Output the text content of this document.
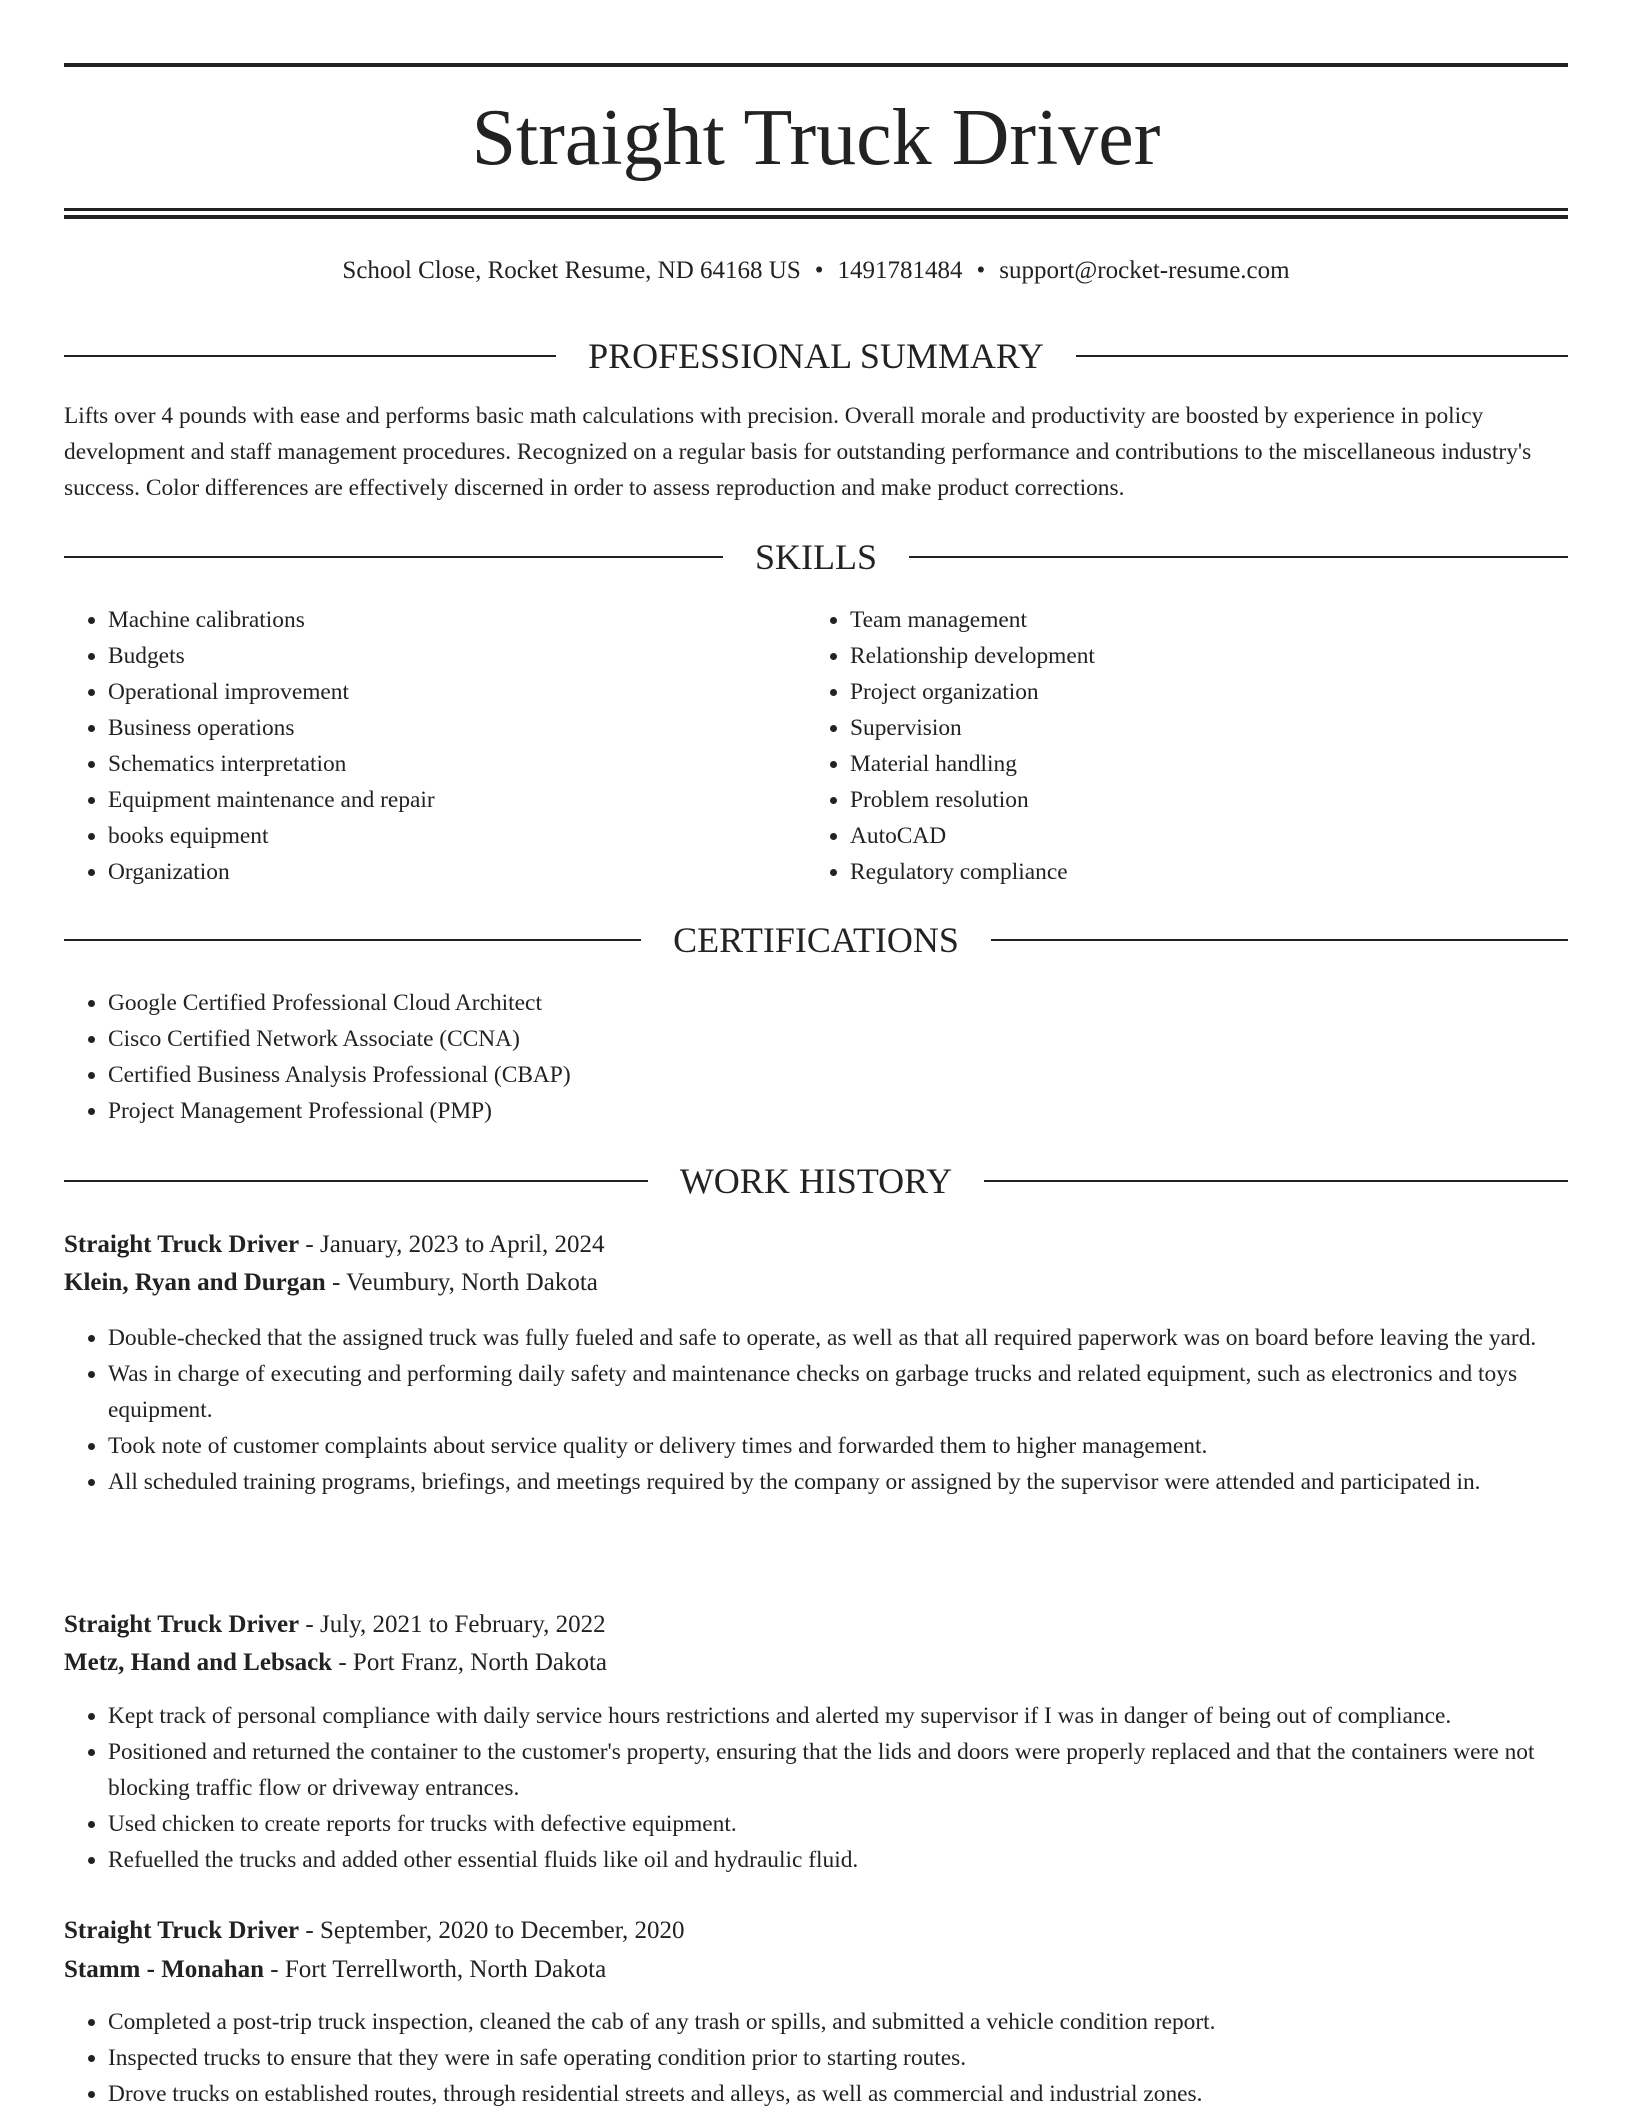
Straight Truck Driver
School Close, Rocket Resume, ND 64168 US • 1491781484 • support@rocket-resume.com
PROFESSIONAL SUMMARY
Lifts over 4 pounds with ease and performs basic math calculations with precision. Overall morale and productivity are boosted by experience in policy development and staff management procedures. Recognized on a regular basis for outstanding performance and contributions to the miscellaneous industry's success. Color differences are effectively discerned in order to assess reproduction and make product corrections.
SKILLS
• Machine calibrations
• Budgets
• Operational improvement
• Business operations
• Schematics interpretation
• Equipment maintenance and repair
• books equipment
• Organization
• Team management
• Relationship development
• Project organization
• Supervision
• Material handling
• Problem resolution
• AutoCAD
• Regulatory compliance
CERTIFICATIONS
• Google Certified Professional Cloud Architect
• Cisco Certified Network Associate (CCNA)
• Certified Business Analysis Professional (CBAP)
• Project Management Professional (PMP)
WORK HISTORY
Straight Truck Driver - January, 2023 to April, 2024
Klein, Ryan and Durgan - Veumbury, North Dakota
• Double-checked that the assigned truck was fully fueled and safe to operate, as well as that all required paperwork was on board before leaving the yard.
• Was in charge of executing and performing daily safety and maintenance checks on garbage trucks and related equipment, such as electronics and toys equipment.
• Took note of customer complaints about service quality or delivery times and forwarded them to higher management.
• All scheduled training programs, briefings, and meetings required by the company or assigned by the supervisor were attended and participated in.
Straight Truck Driver - July, 2021 to February, 2022
Metz, Hand and Lebsack - Port Franz, North Dakota
• Kept track of personal compliance with daily service hours restrictions and alerted my supervisor if I was in danger of being out of compliance.
• Positioned and returned the container to the customer's property, ensuring that the lids and doors were properly replaced and that the containers were not blocking traffic flow or driveway entrances.
• Used chicken to create reports for trucks with defective equipment.
• Refuelled the trucks and added other essential fluids like oil and hydraulic fluid.
Straight Truck Driver - September, 2020 to December, 2020
Stamm - Monahan - Fort Terrellworth, North Dakota
• Completed a post-trip truck inspection, cleaned the cab of any trash or spills, and submitted a vehicle condition report.
• Inspected trucks to ensure that they were in safe operating condition prior to starting routes.
• Drove trucks on established routes, through residential streets and alleys, as well as commercial and industrial zones.
